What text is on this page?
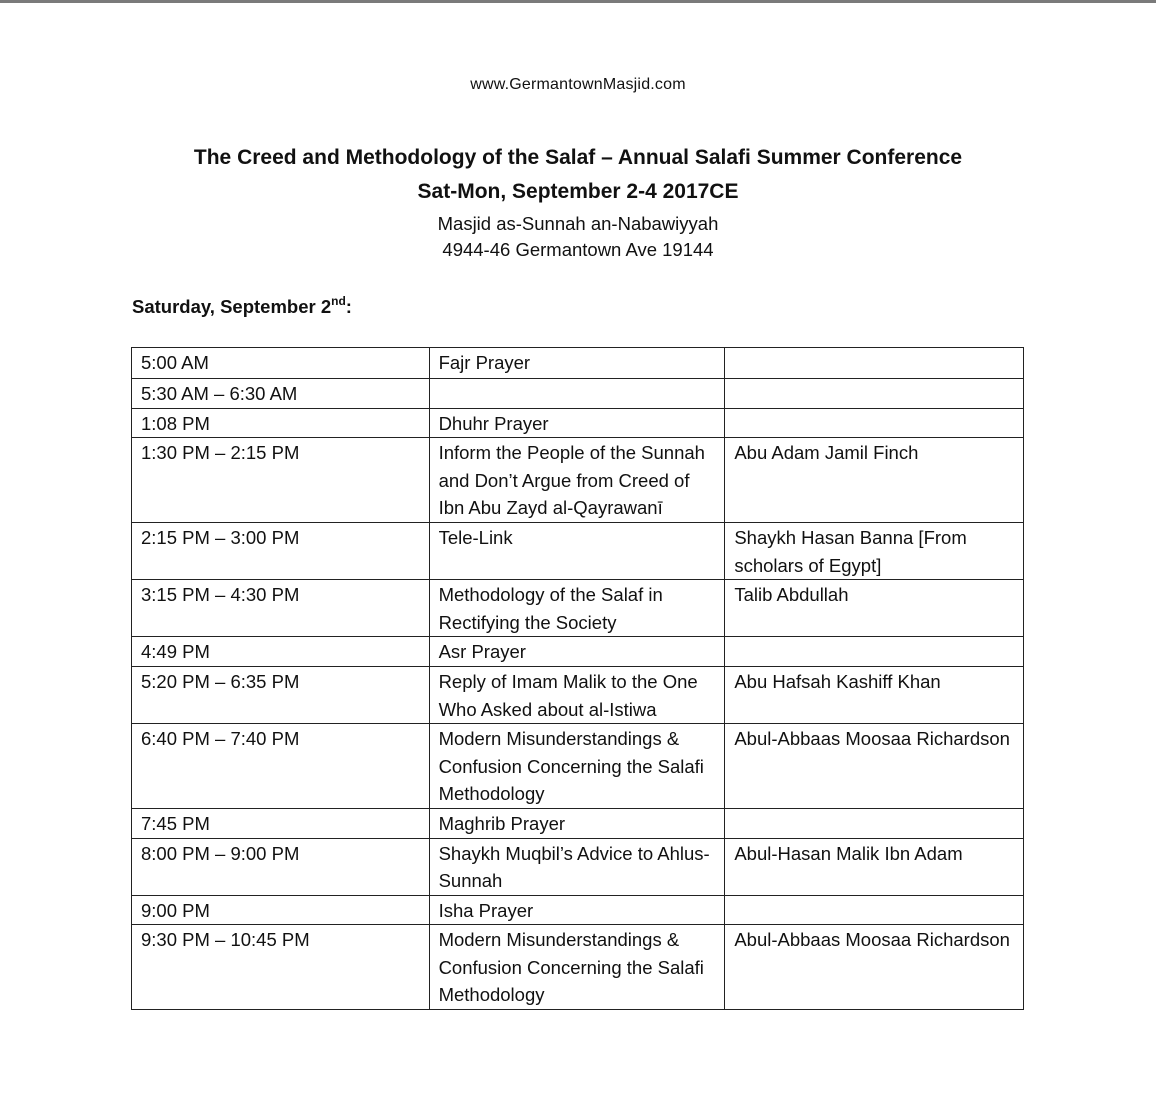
www.GermantownMasjid.com
The Creed and Methodology of the Salaf – Annual Salafi Summer Conference
Sat-Mon, September 2-4 2017CE
Masjid as-Sunnah an-Nabawiyyah
4944-46 Germantown Ave 19144
Saturday, September 2nd:
5:00 AM	Fajr Prayer	
5:30 AM – 6:30 AM		
1:08 PM	Dhuhr Prayer	
1:30 PM – 2:15 PM	Inform the People of the Sunnah and Don’t Argue from Creed of Ibn Abu Zayd al-Qayrawanī	Abu Adam Jamil Finch
2:15 PM – 3:00 PM	Tele-Link	Shaykh Hasan Banna [From scholars of Egypt]
3:15 PM – 4:30 PM	Methodology of the Salaf in Rectifying the Society	Talib Abdullah
4:49 PM	Asr Prayer	
5:20 PM – 6:35 PM	Reply of Imam Malik to the One Who Asked about al-Istiwa	Abu Hafsah Kashiff Khan
6:40 PM – 7:40 PM	Modern Misunderstandings & Confusion Concerning the Salafi Methodology	Abul-Abbaas Moosaa Richardson
7:45 PM	Maghrib Prayer	
8:00 PM – 9:00 PM	Shaykh Muqbil’s Advice to Ahlus-Sunnah	Abul-Hasan Malik Ibn Adam
9:00 PM	Isha Prayer	
9:30 PM – 10:45 PM	Modern Misunderstandings & Confusion Concerning the Salafi Methodology	Abul-Abbaas Moosaa Richardson
